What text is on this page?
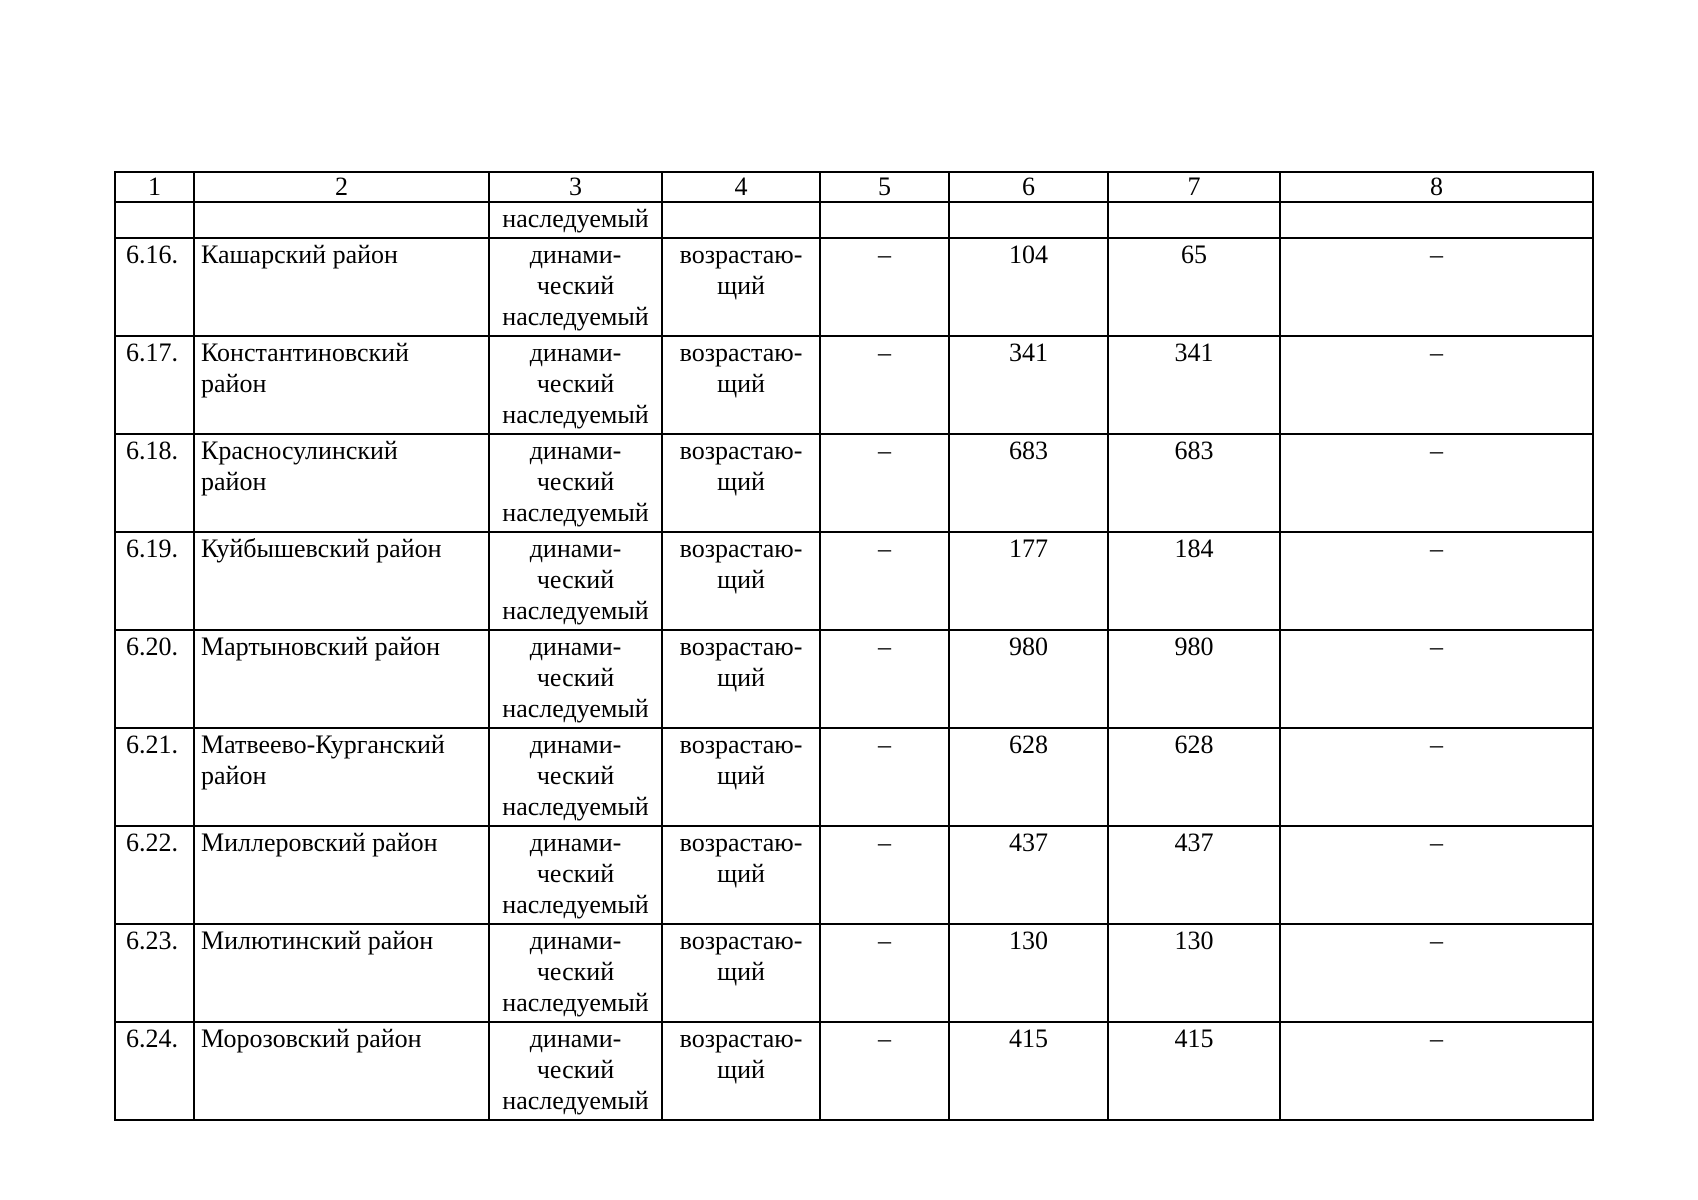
1	2	3	4	5	6	7	8
		наследуемый					
6.16.	Кашарский район	динами-
ческий
наследуемый	возрастаю-
щий	–	104	65	–
6.17.	Константиновский
район	динами-
ческий
наследуемый	возрастаю-
щий	–	341	341	–
6.18.	Красносулинский
район	динами-
ческий
наследуемый	возрастаю-
щий	–	683	683	–
6.19.	Куйбышевский район	динами-
ческий
наследуемый	возрастаю-
щий	–	177	184	–
6.20.	Мартыновский район	динами-
ческий
наследуемый	возрастаю-
щий	–	980	980	–
6.21.	Матвеево-Курганский
район	динами-
ческий
наследуемый	возрастаю-
щий	–	628	628	–
6.22.	Миллеровский район	динами-
ческий
наследуемый	возрастаю-
щий	–	437	437	–
6.23.	Милютинский район	динами-
ческий
наследуемый	возрастаю-
щий	–	130	130	–
6.24.	Морозовский район	динами-
ческий
наследуемый	возрастаю-
щий	–	415	415	–
